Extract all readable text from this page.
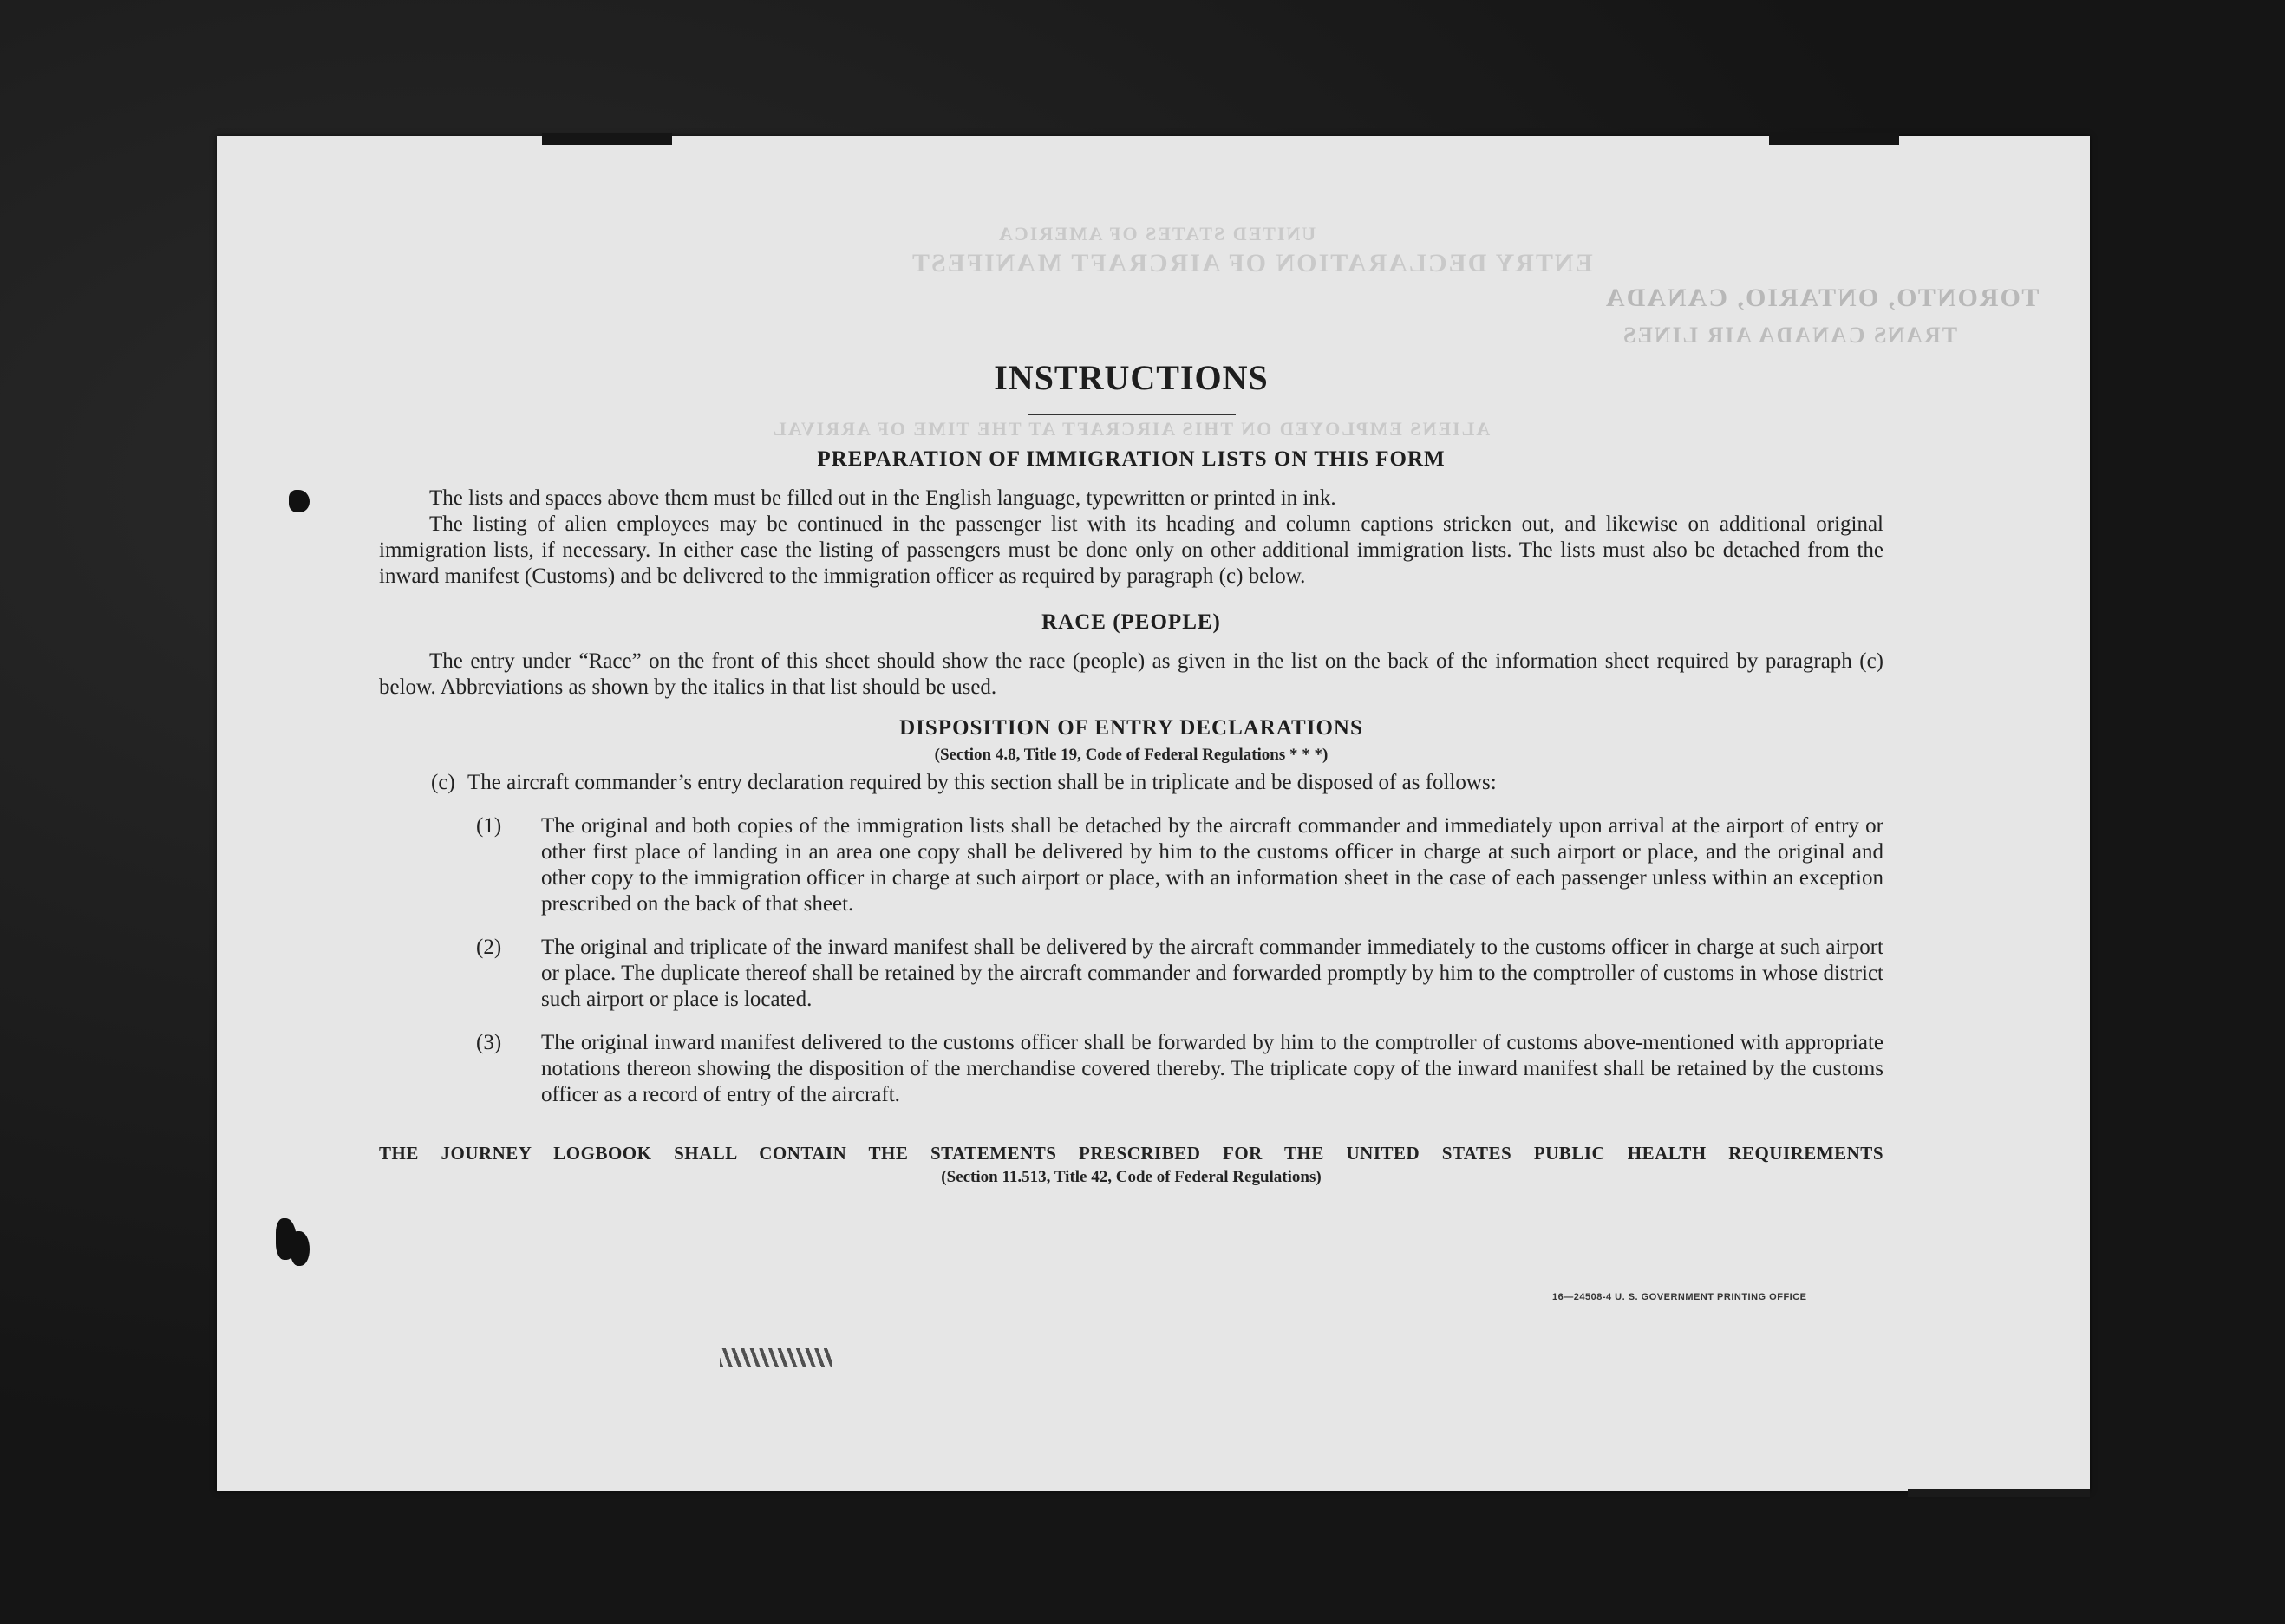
UNITED STATES OF AMERICA
ENTRY DECLARATION OF AIRCRAFT MANIFEST
TORONTO, ONTARIO, CANADA
TRANS CANADA AIR LINES
ALIENS EMPLOYED ON THIS AIRCRAFT AT THE TIME OF ARRIVAL
INSTRUCTIONS
PREPARATION OF IMMIGRATION LISTS ON THIS FORM

The lists and spaces above them must be filled out in the English language, typewritten or printed in ink.

The listing of alien employees may be continued in the passenger list with its heading and column captions stricken out, and likewise on additional original immigration lists, if necessary. In either case the listing of passengers must be done only on other additional immigration lists. The lists must also be detached from the inward manifest (Customs) and be delivered to the immigration officer as required by paragraph (c) below.

RACE (PEOPLE)

The entry under “Race” on the front of this sheet should show the race (people) as given in the list on the back of the information sheet required by paragraph (c) below. Abbreviations as shown by the italics in that list should be used.

DISPOSITION OF ENTRY DECLARATIONS
(Section 4.8, Title 19, Code of Federal Regulations * * *)
(c) The aircraft commander’s entry declaration required by this section shall be in triplicate and be disposed of as follows:
(1) The original and both copies of the immigration lists shall be detached by the aircraft commander and immediately upon arrival at the airport of entry or other first place of landing in an area one copy shall be delivered by him to the customs officer in charge at such airport or place, and the original and other copy to the immigration officer in charge at such airport or place, with an information sheet in the case of each passenger unless within an exception prescribed on the back of that sheet.
(2) The original and triplicate of the inward manifest shall be delivered by the aircraft commander immediately to the customs officer in charge at such airport or place. The duplicate thereof shall be retained by the aircraft commander and forwarded promptly by him to the comptroller of customs in whose district such airport or place is located.
(3) The original inward manifest delivered to the customs officer shall be forwarded by him to the comptroller of customs above-mentioned with appropriate notations thereon showing the disposition of the merchandise covered thereby. The triplicate copy of the inward manifest shall be retained by the customs officer as a record of entry of the aircraft.
THE JOURNEY LOGBOOK SHALL CONTAIN THE STATEMENTS PRESCRIBED FOR THE UNITED STATES PUBLIC HEALTH REQUIREMENTS
(Section 11.513, Title 42, Code of Federal Regulations)
16—24508‑4 U. S. GOVERNMENT PRINTING OFFICE
